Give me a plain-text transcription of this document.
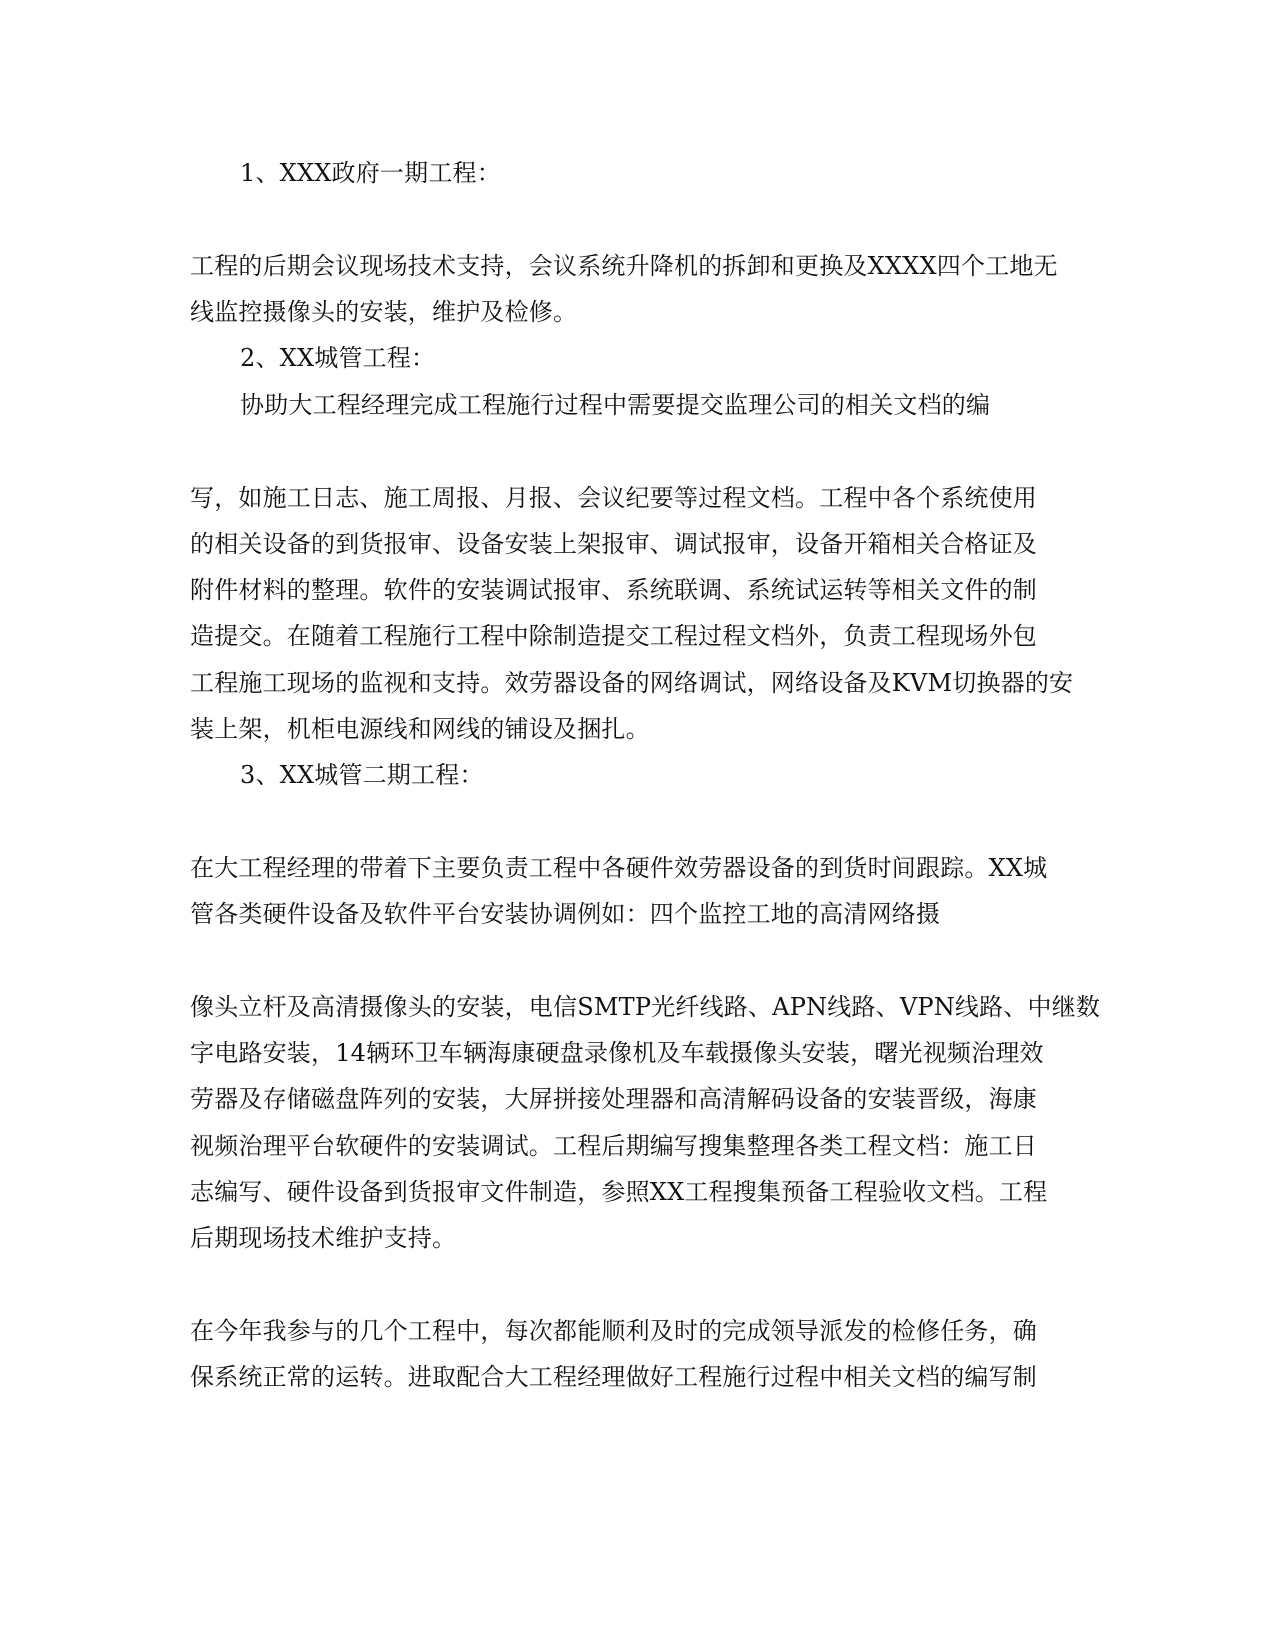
1、XXX政府一期工程：
工程的后期会议现场技术支持，会议系统升降机的拆卸和更换及XXXX四个工地无
线监控摄像头的安装，维护及检修。
2、XX城管工程：
协助大工程经理完成工程施行过程中需要提交监理公司的相关文档的编
写，如施工日志、施工周报、月报、会议纪要等过程文档。工程中各个系统使用
的相关设备的到货报审、设备安装上架报审、调试报审，设备开箱相关合格证及
附件材料的整理。软件的安装调试报审、系统联调、系统试运转等相关文件的制
造提交。在随着工程施行工程中除制造提交工程过程文档外，负责工程现场外包
工程施工现场的监视和支持。效劳器设备的网络调试，网络设备及KVM切换器的安
装上架，机柜电源线和网线的铺设及捆扎。
3、XX城管二期工程：
在大工程经理的带着下主要负责工程中各硬件效劳器设备的到货时间跟踪。XX城
管各类硬件设备及软件平台安装协调例如：四个监控工地的高清网络摄
像头立杆及高清摄像头的安装，电信SMTP光纤线路、APN线路、VPN线路、中继数
字电路安装，14辆环卫车辆海康硬盘录像机及车载摄像头安装，曙光视频治理效
劳器及存储磁盘阵列的安装，大屏拼接处理器和高清解码设备的安装晋级，海康
视频治理平台软硬件的安装调试。工程后期编写搜集整理各类工程文档：施工日
志编写、硬件设备到货报审文件制造，参照XX工程搜集预备工程验收文档。工程
后期现场技术维护支持。
在今年我参与的几个工程中，每次都能顺利及时的完成领导派发的检修任务，确
保系统正常的运转。进取配合大工程经理做好工程施行过程中相关文档的编写制
